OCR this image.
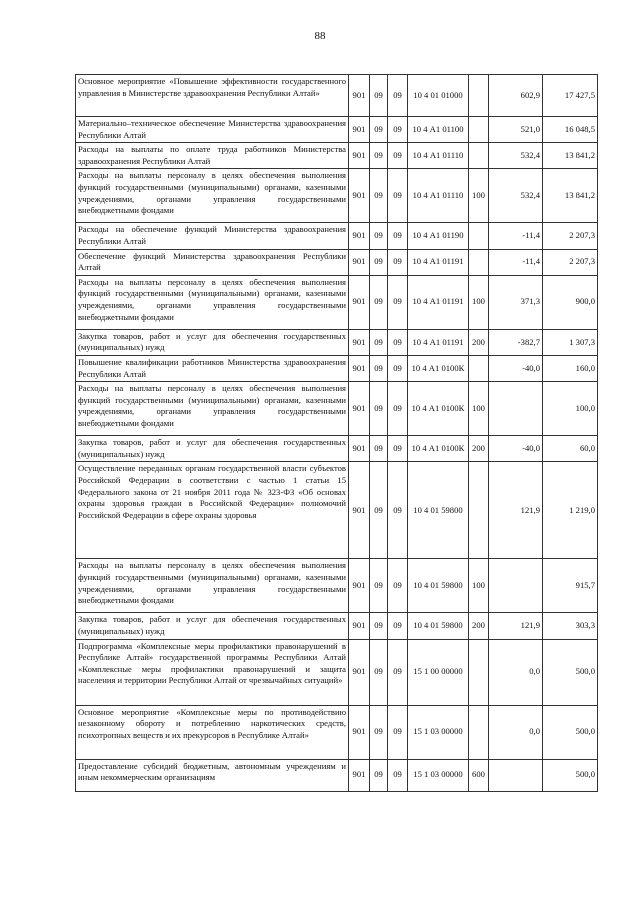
88
Основное мероприятие «Повышение эффективности государственного управления в Министерстве здравоохранения Республики Алтай»	901	09	09	10 4 01 01000		602,9	17 427,5
Материально–техническое обеспечение Министерства здравоохранения Республики Алтай	901	09	09	10 4 А1 01100		521,0	16 048,5
Расходы на выплаты по оплате труда работников Министерства здравоохранения Республики Алтай	901	09	09	10 4 А1 01110		532,4	13 841,2
Расходы на выплаты персоналу в целях обеспечения выполнения функций государственными (муниципальными) органами, казенными учреждениями, органами управления государственными внебюджетными фондами	901	09	09	10 4 А1 01110	100	532,4	13 841,2
Расходы на обеспечение функций Министерства здравоохранения Республики Алтай	901	09	09	10 4 А1 01190		-11,4	2 207,3
Обеспечение функций Министерства здравоохранения Республики Алтай	901	09	09	10 4 А1 01191		-11,4	2 207,3
Расходы на выплаты персоналу в целях обеспечения выполнения функций государственными (муниципальными) органами, казенными учреждениями, органами управления государственными внебюджетными фондами	901	09	09	10 4 А1 01191	100	371,3	900,0
Закупка товаров, работ и услуг для обеспечения государственных (муниципальных) нужд	901	09	09	10 4 А1 01191	200	-382,7	1 307,3
Повышение квалификации работников Министерства здравоохранения Республики Алтай	901	09	09	10 4 А1 0100К		-40,0	160,0
Расходы на выплаты персоналу в целях обеспечения выполнения функций государственными (муниципальными) органами, казенными учреждениями, органами управления государственными внебюджетными фондами	901	09	09	10 4 А1 0100К	100		100,0
Закупка товаров, работ и услуг для обеспечения государственных (муниципальных) нужд	901	09	09	10 4 А1 0100К	200	-40,0	60,0
Осуществление переданных органам государственной власти субъектов Российской Федерации в соответствии с частью 1 статьи 15 Федерального закона от 21 ноября 2011 года № 323-ФЗ «Об основах охраны здоровья граждан в Российской Федерации» полномочий Российской Федерации в сфере охраны здоровья	901	09	09	10 4 01 59800		121,9	1 219,0
Расходы на выплаты персоналу в целях обеспечения выполнения функций государственными (муниципальными) органами, казенными учреждениями, органами управления государственными внебюджетными фондами	901	09	09	10 4 01 59800	100		915,7
Закупка товаров, работ и услуг для обеспечения государственных (муниципальных) нужд	901	09	09	10 4 01 59800	200	121,9	303,3
Подпрограмма «Комплексные меры профилактики правонарушений в Республике Алтай» государственной программы Республики Алтай «Комплексные меры профилактики правонарушений и защита населения и территории Республики Алтай от чрезвычайных ситуаций»	901	09	09	15 1 00 00000		0,0	500,0
Основное мероприятие «Комплексные меры по противодействию незаконному обороту и потреблению наркотических средств, психотропных веществ и их прекурсоров в Республике Алтай»	901	09	09	15 1 03 00000		0,0	500,0
Предоставление субсидий бюджетным, автономным учреждениям и иным некоммерческим организациям	901	09	09	15 1 03 00000	600		500,0
